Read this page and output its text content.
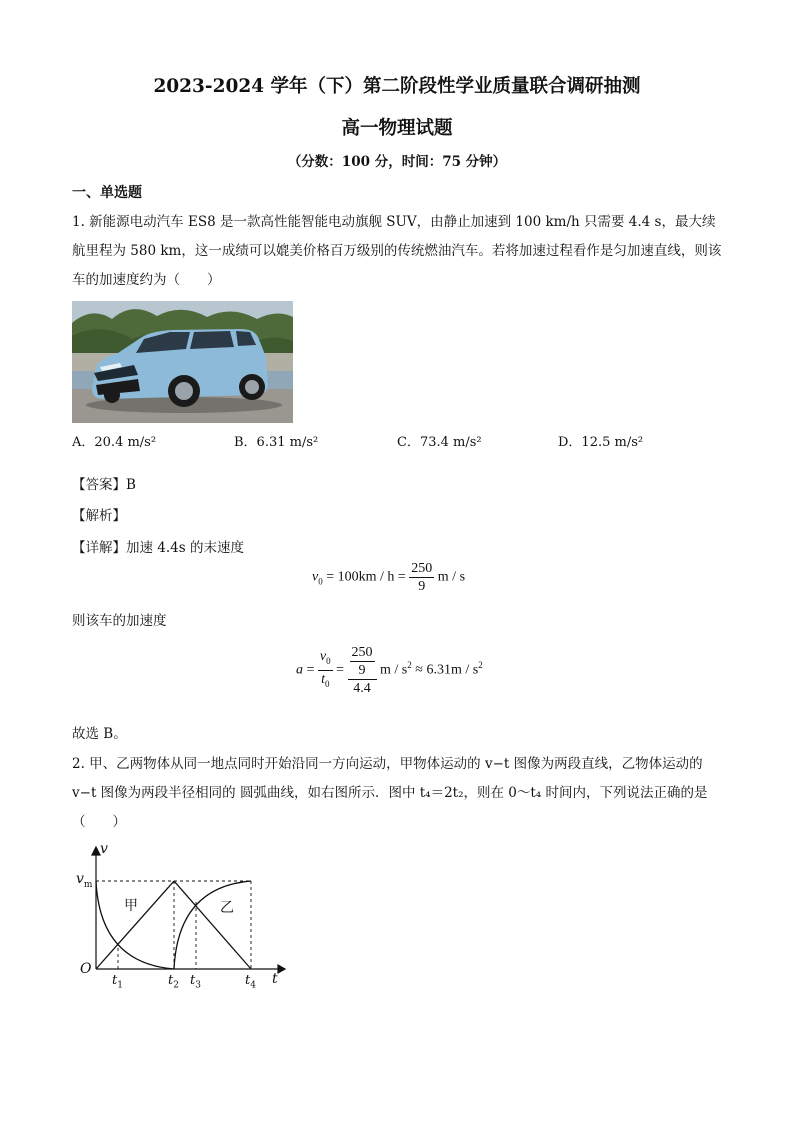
2023-2024 学年（下）第二阶段性学业质量联合调研抽测
高一物理试题
（分数：100 分，时间：75 分钟）
一、单选题
1. 新能源电动汽车 ES8 是一款高性能智能电动旗舰 SUV，由静止加速到 100 km/h 只需要 4.4 s，最大续航里程为 580 km，这一成绩可以媲美价格百万级别的传统燃油汽车。若将加速过程看作是匀加速直线，则该车的加速度约为（　　）
A．20.4 m/s²	B．6.31 m/s²	C．73.4 m/s²	D．12.5 m/s²
【答案】B
【解析】
【详解】加速 4.4s 的末速度
$v_0 = 100km / h = \frac{250}{9}$ m / s
则该车的加速度
$a = \frac{v_0}{t_0} = \frac{\frac{250}{9}}{4.4}$ $m / s^2 \approx 6.31m / s^2$
故选 B。
2. 甲、乙两物体从同一地点同时开始沿同一方向运动，甲物体运动的 v−t 图像为两段直线，乙物体运动的 v−t 图像为两段半径相同的 圆弧曲线，如右图所示．图中 t₄＝2t₂，则在 0～t₄ 时间内，下列说法正确的是（　　）
v
t
O
$v_m$
甲	乙
$t_1$	$t_2$ $t_3$	$t_4$
